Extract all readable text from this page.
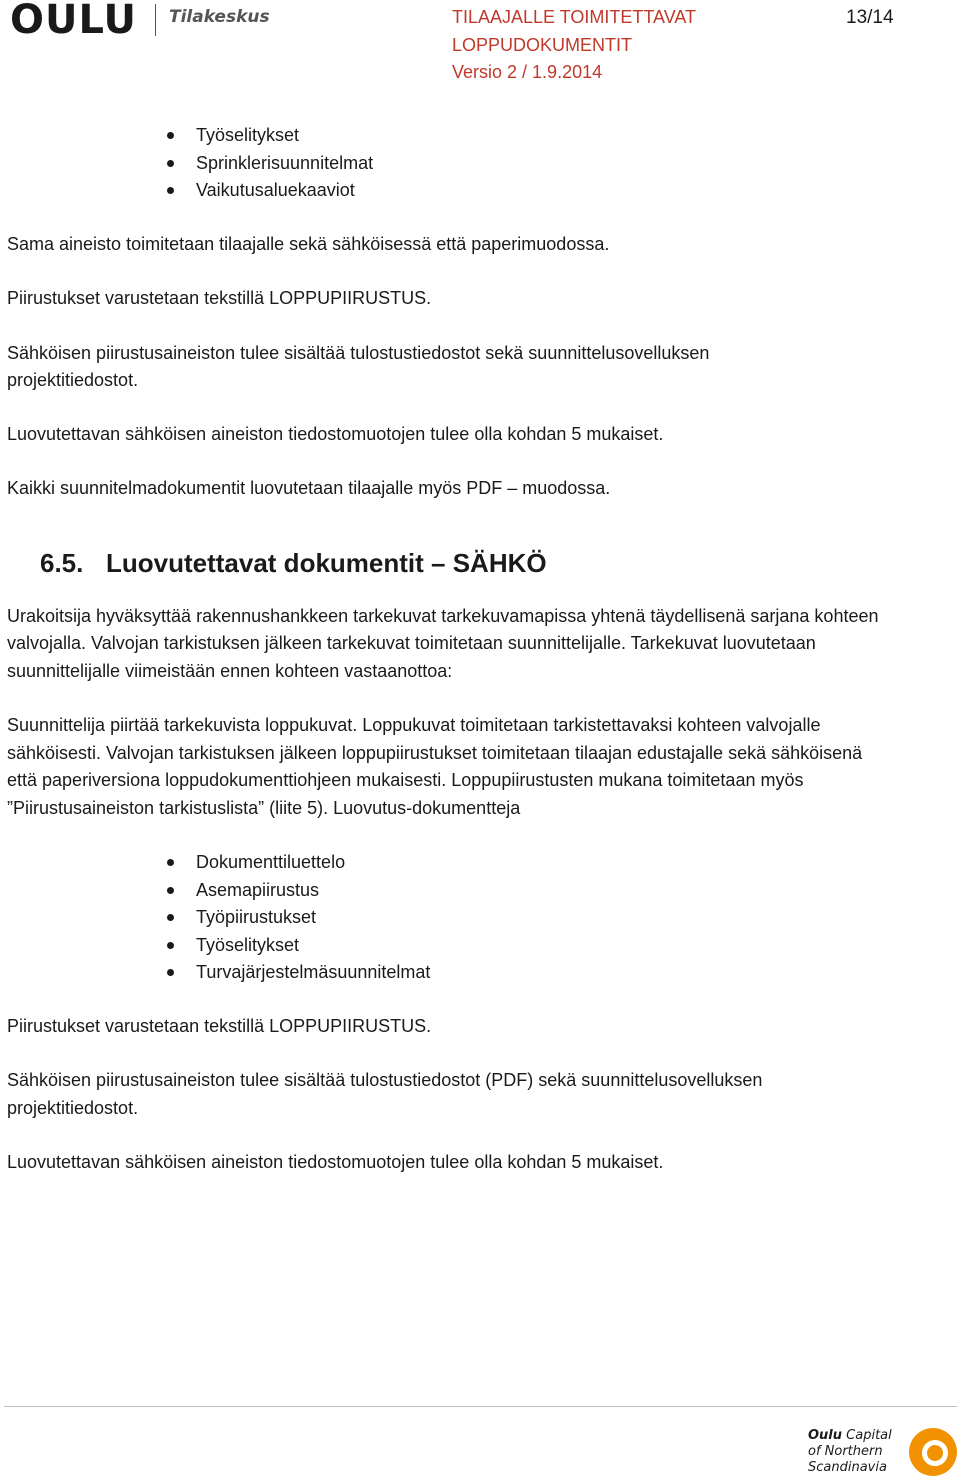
OULU Tilakeskus	TILAAJALLE TOIMITETTAVAT
LOPPUDOKUMENTIT
Versio 2 / 1.9.2014
13/14
Työselitykset
Sprinklerisuunnitelmat
Vaikutusaluekaaviot

Sama aineisto toimitetaan tilaajalle sekä sähköisessä että paperimuodossa.

Piirustukset varustetaan tekstillä LOPPUPIIRUSTUS.

Sähköisen piirustusaineiston tulee sisältää tulostustiedostot sekä suunnittelusovelluksen projektitiedostot.

Luovutettavan sähköisen aineiston tiedostomuotojen tulee olla kohdan 5 mukaiset.

Kaikki suunnitelmadokumentit luovutetaan tilaajalle myös PDF – muodossa.

6.5. Luovutettavat dokumentit – SÄHKÖ

Urakoitsija hyväksyttää rakennushankkeen tarkekuvat tarkekuvamapissa yhtenä täydellisenä sarjana kohteen valvojalla. Valvojan tarkistuksen jälkeen tarkekuvat toimitetaan suunnittelijalle. Tarkekuvat luovutetaan suunnittelijalle viimeistään ennen kohteen vastaanottoa:

Suunnittelija piirtää tarkekuvista loppukuvat. Loppukuvat toimitetaan tarkistettavaksi kohteen valvojalle sähköisesti. Valvojan tarkistuksen jälkeen loppupiirustukset toimitetaan tilaajan edustajalle sekä sähköisenä että paperiversiona loppudokumenttiohjeen mukaisesti. Loppupiirustusten mukana toimitetaan myös ”Piirustusaineiston tarkistuslista” (liite 5). Luovutus-dokumentteja

Dokumenttiluettelo
Asemapiirustus
Työpiirustukset
Työselitykset
Turvajärjestelmäsuunnitelmat

Piirustukset varustetaan tekstillä LOPPUPIIRUSTUS.

Sähköisen piirustusaineiston tulee sisältää tulostustiedostot (PDF) sekä suunnittelusovelluksen projektitiedostot.

Luovutettavan sähköisen aineiston tiedostomuotojen tulee olla kohdan 5 mukaiset.

Oulu Capital
of Northern
Scandinavia
